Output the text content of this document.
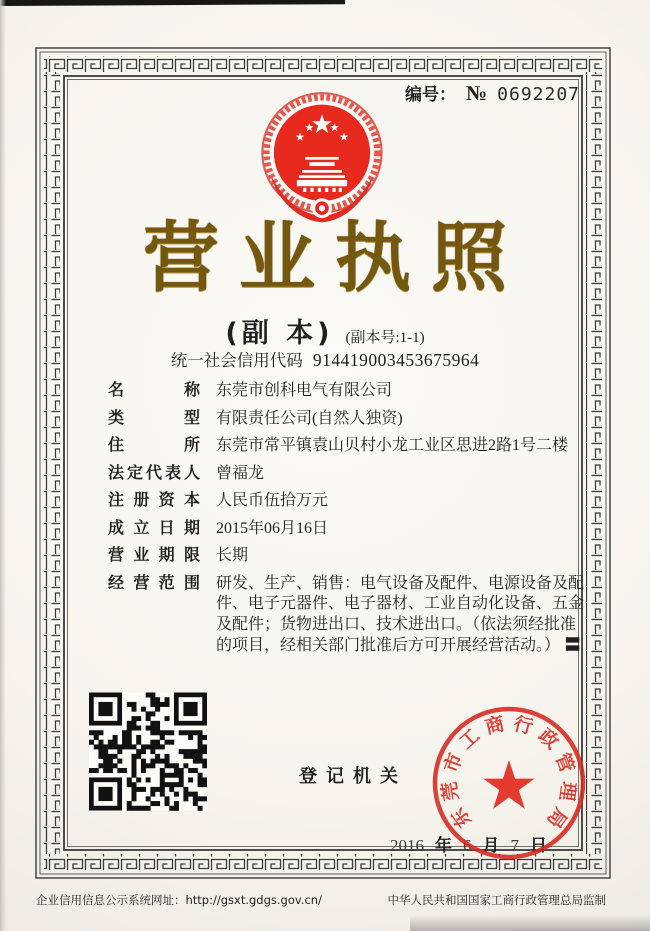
编号： № 0692207
营业执照
(副 本) (副本号:1-1)
统一社会信用代码 914419003453675964
名	称 东莞市创科电气有限公司
类	型 有限责任公司(自然人独资)
住	所 东莞市常平镇袁山贝村小龙工业区思进2路1号二楼
法 定 代 表 人 曾福龙
注 册 资 本 人民币伍拾万元
成 立 日 期 2015年06月16日
营 业 期 限 长期
经 营 范 围 研发、生产、销售：电气设备及配件、电源设备及配件、电子元器件、电子器材、工业自动化设备、五金及配件；货物进出口、技术进出口。（依法须经批准的项目，经相关部门批准后方可开展经营活动。） 〓
登记机关
2016 年 6 月 7 日
东
莞
市
工
商 行
政
管
理
局
企业信用信息公示系统网址：http://gsxt.gdgs.gov.cn/	中华人民共和国国家工商行政管理总局监制
